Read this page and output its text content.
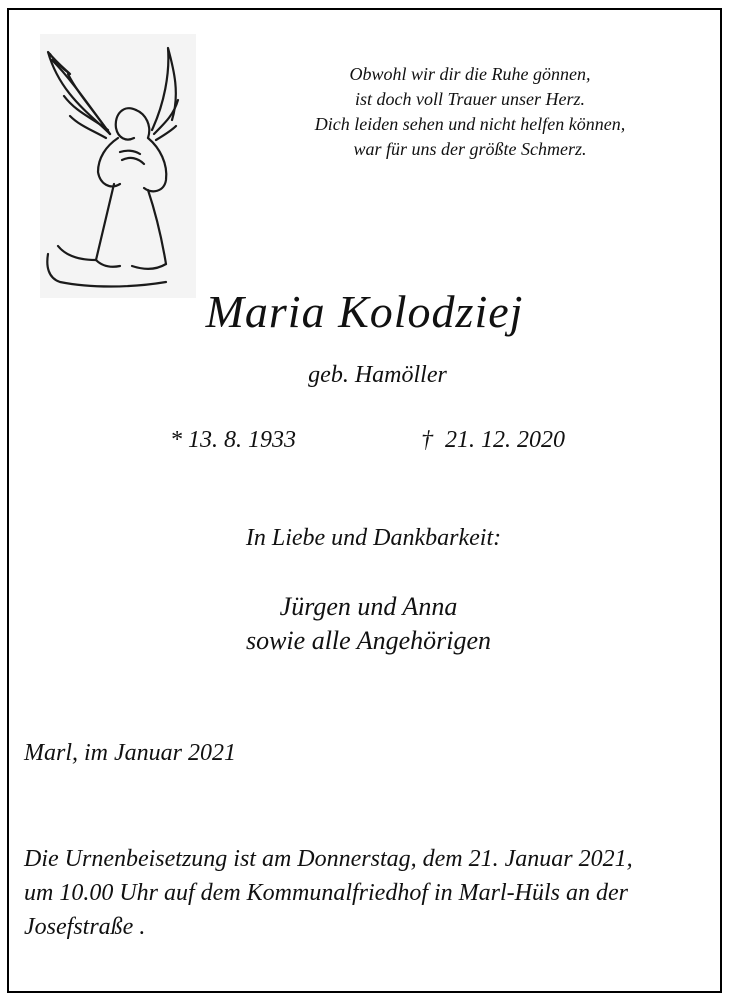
Obwohl wir dir die Ruhe gönnen,
ist doch voll Trauer unser Herz.
Dich leiden sehen und nicht helfen können,
war für uns der größte Schmerz.
Maria Kolodziej
geb. Hamöller
* 13. 8. 1933	†  21. 12. 2020
In Liebe und Dankbarkeit:
Jürgen und Anna
sowie alle Angehörigen
Marl, im Januar 2021
Die Urnenbeisetzung ist am Donnerstag, dem 21. Januar 2021,
um 10.00 Uhr auf dem Kommunalfriedhof in Marl-Hüls an der
Josefstraße .
